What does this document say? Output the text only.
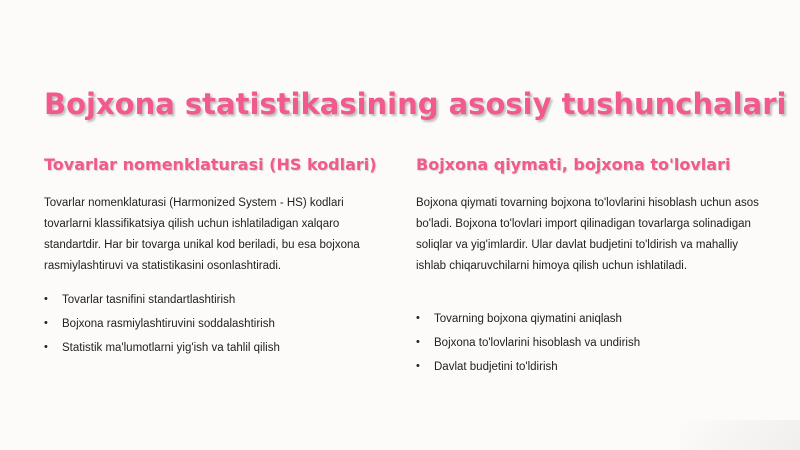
Bojxona statistikasining asosiy tushunchalari
Tovarlar nomenklaturasi (HS kodlari)

Tovarlar nomenklaturasi (Harmonized System - HS) kodlari tovarlarni klassifikatsiya qilish uchun ishlatiladigan xalqaro standartdir. Har bir tovarga unikal kod beriladi, bu esa bojxona rasmiylashtiruvi va statistikasini osonlashtiradi.

• Tovarlar tasnifini standartlashtirish
• Bojxona rasmiylashtiruvini soddalashtirish
• Statistik ma'lumotlarni yig'ish va tahlil qilish
Bojxona qiymati, bojxona to'lovlari

Bojxona qiymati tovarning bojxona to'lovlarini hisoblash uchun asos bo'ladi. Bojxona to'lovlari import qilinadigan tovarlarga solinadigan soliqlar va yig'imlardir. Ular davlat budjetini to'ldirish va mahalliy ishlab chiqaruvchilarni himoya qilish uchun ishlatiladi.

• Tovarning bojxona qiymatini aniqlash
• Bojxona to'lovlarini hisoblash va undirish
• Davlat budjetini to'ldirish
